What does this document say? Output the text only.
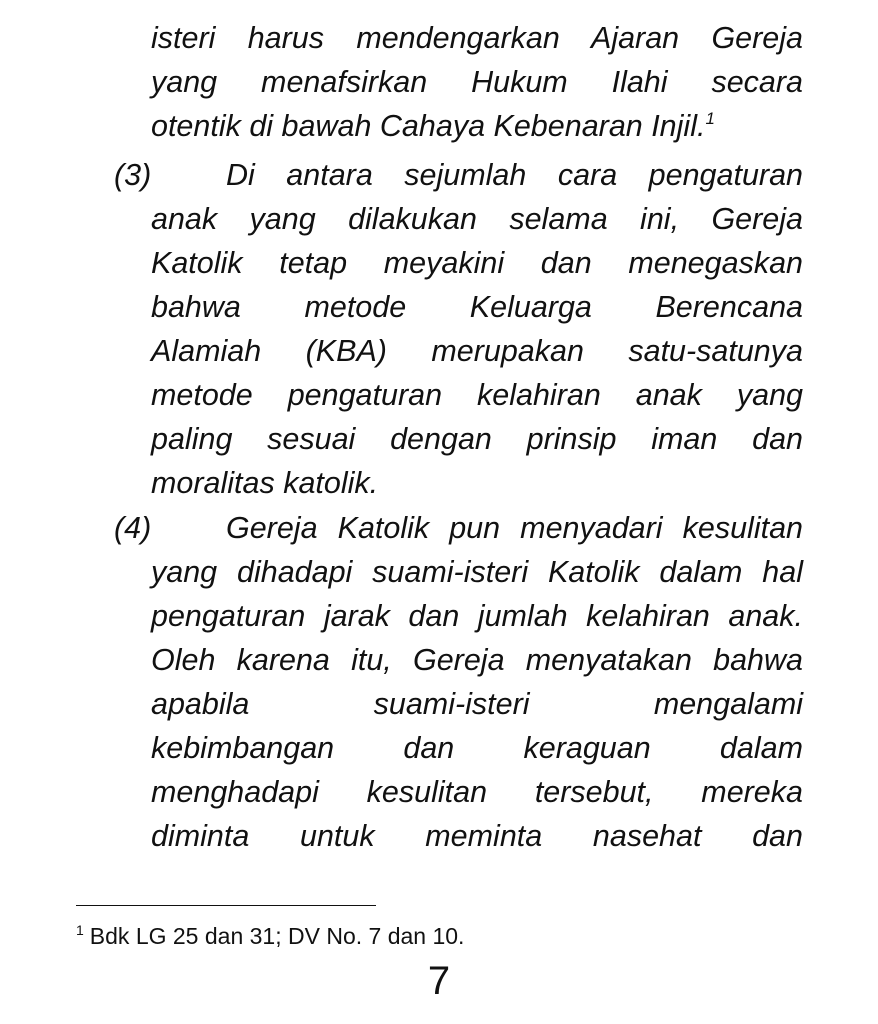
isteri harus mendengarkan Ajaran Gereja
yang menafsirkan Hukum Ilahi secara
otentik di bawah Cahaya Kebenaran Injil.$^1$
(3)	Di antara sejumlah cara pengaturan
anak yang dilakukan selama ini, Gereja
Katolik tetap meyakini dan menegaskan
bahwa metode Keluarga Berencana
Alamiah (KBA) merupakan satu-satunya
metode pengaturan kelahiran anak yang
paling sesuai dengan prinsip iman dan
moralitas katolik.
(4)	Gereja Katolik pun menyadari kesulitan
yang dihadapi suami-isteri Katolik dalam hal
pengaturan jarak dan jumlah kelahiran anak.
Oleh karena itu, Gereja menyatakan bahwa
apabila suami-isteri mengalami
kebimbangan dan keraguan dalam
menghadapi kesulitan tersebut, mereka
diminta untuk meminta nasehat dan
$^1$ Bdk LG 25 dan 31; DV No. 7 dan 10.
7
